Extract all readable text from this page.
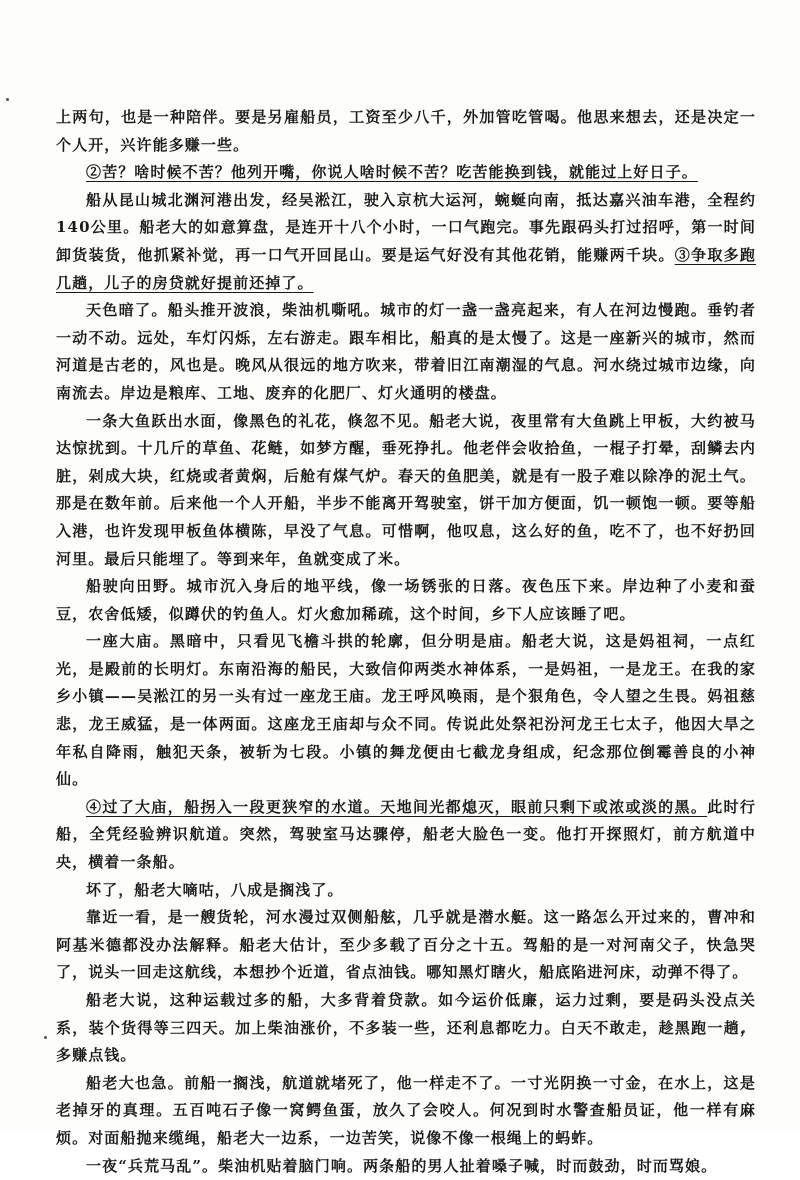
上两句，也是一种陪伴。要是另雇船员，工资至少八千，外加管吃管喝。他思来想去，还是决定一个人开，兴许能多赚一些。

②苦？啥时候不苦？他列开嘴，你说人啥时候不苦？吃苦能换到钱，就能过上好日子。

船从昆山城北渊河港出发，经吴淞江，驶入京杭大运河，蜿蜒向南，抵达嘉兴油车港，全程约140公里。船老大的如意算盘，是连开十八个小时，一口气跑完。事先跟码头打过招呼，第一时间卸货装货，他抓紧补觉，再一口气开回昆山。要是运气好没有其他花销，能赚两千块。③争取多跑几趟，儿子的房贷就好提前还掉了。

天色暗了。船头推开波浪，柴油机嘶吼。城市的灯一盏一盏亮起来，有人在河边慢跑。垂钓者一动不动。远处，车灯闪烁，左右游走。跟车相比，船真的是太慢了。这是一座新兴的城市，然而河道是古老的，风也是。晚风从很远的地方吹来，带着旧江南潮湿的气息。河水绕过城市边缘，向南流去。岸边是粮库、工地、废弃的化肥厂、灯火通明的楼盘。

一条大鱼跃出水面，像黑色的礼花，倏忽不见。船老大说，夜里常有大鱼跳上甲板，大约被马达惊扰到。十几斤的草鱼、花鲢，如梦方醒，垂死挣扎。他老伴会收拾鱼，一棍子打晕，刮鳞去内脏，剁成大块，红烧或者黄焖，后舱有煤气炉。春天的鱼肥美，就是有一股子难以除净的泥土气。那是在数年前。后来他一个人开船，半步不能离开驾驶室，饼干加方便面，饥一顿饱一顿。要等船入港，也许发现甲板鱼体横陈，早没了气息。可惜啊，他叹息，这么好的鱼，吃不了，也不好扔回河里。最后只能埋了。等到来年，鱼就变成了米。

船驶向田野。城市沉入身后的地平线，像一场锈张的日落。夜色压下来。岸边种了小麦和蚕豆，农舍低矮，似蹲伏的钓鱼人。灯火愈加稀疏，这个时间，乡下人应该睡了吧。

一座大庙。黑暗中，只看见飞檐斗拱的轮廓，但分明是庙。船老大说，这是妈祖祠，一点红光，是殿前的长明灯。东南沿海的船民，大致信仰两类水神体系，一是妈祖，一是龙王。在我的家乡小镇——吴淞江的另一头有过一座龙王庙。龙王呼风唤雨，是个狠角色，令人望之生畏。妈祖慈悲，龙王威猛，是一体两面。这座龙王庙却与众不同。传说此处祭祀汾河龙王七太子，他因大旱之年私自降雨，触犯天条，被斩为七段。小镇的舞龙便由七截龙身组成，纪念那位倒霉善良的小神仙。

④过了大庙，船拐入一段更狭窄的水道。天地间光都熄灭，眼前只剩下或浓或淡的黑。此时行船，全凭经验辨识航道。突然，驾驶室马达骤停，船老大脸色一变。他打开探照灯，前方航道中央，横着一条船。

坏了，船老大嘀咕，八成是搁浅了。

靠近一看，是一艘货轮，河水漫过双侧船舷，几乎就是潜水艇。这一路怎么开过来的，曹冲和阿基米德都没办法解释。船老大估计，至少多载了百分之十五。驾船的是一对河南父子，快急哭了，说头一回走这航线，本想抄个近道，省点油钱。哪知黑灯瞎火，船底陷进河床，动弹不得了。

船老大说，这种运载过多的船，大多背着贷款。如今运价低廉，运力过剩，要是码头没点关系，装个货得等三四天。加上柴油涨价，不多装一些，还利息都吃力。白天不敢走，趁黑跑一趟，多赚点钱。

船老大也急。前船一搁浅，航道就堵死了，他一样走不了。一寸光阴换一寸金，在水上，这是老掉牙的真理。五百吨石子像一窝鳄鱼蛋，放久了会咬人。何况到时水警查船员证，他一样有麻烦。对面船抛来缆绳，船老大一边系，一边苦笑，说像不像一根绳上的蚂蚱。

一夜“兵荒马乱”。柴油机贴着脑门响。两条船的男人扯着嗓子喊，时而鼓劲，时而骂娘。
